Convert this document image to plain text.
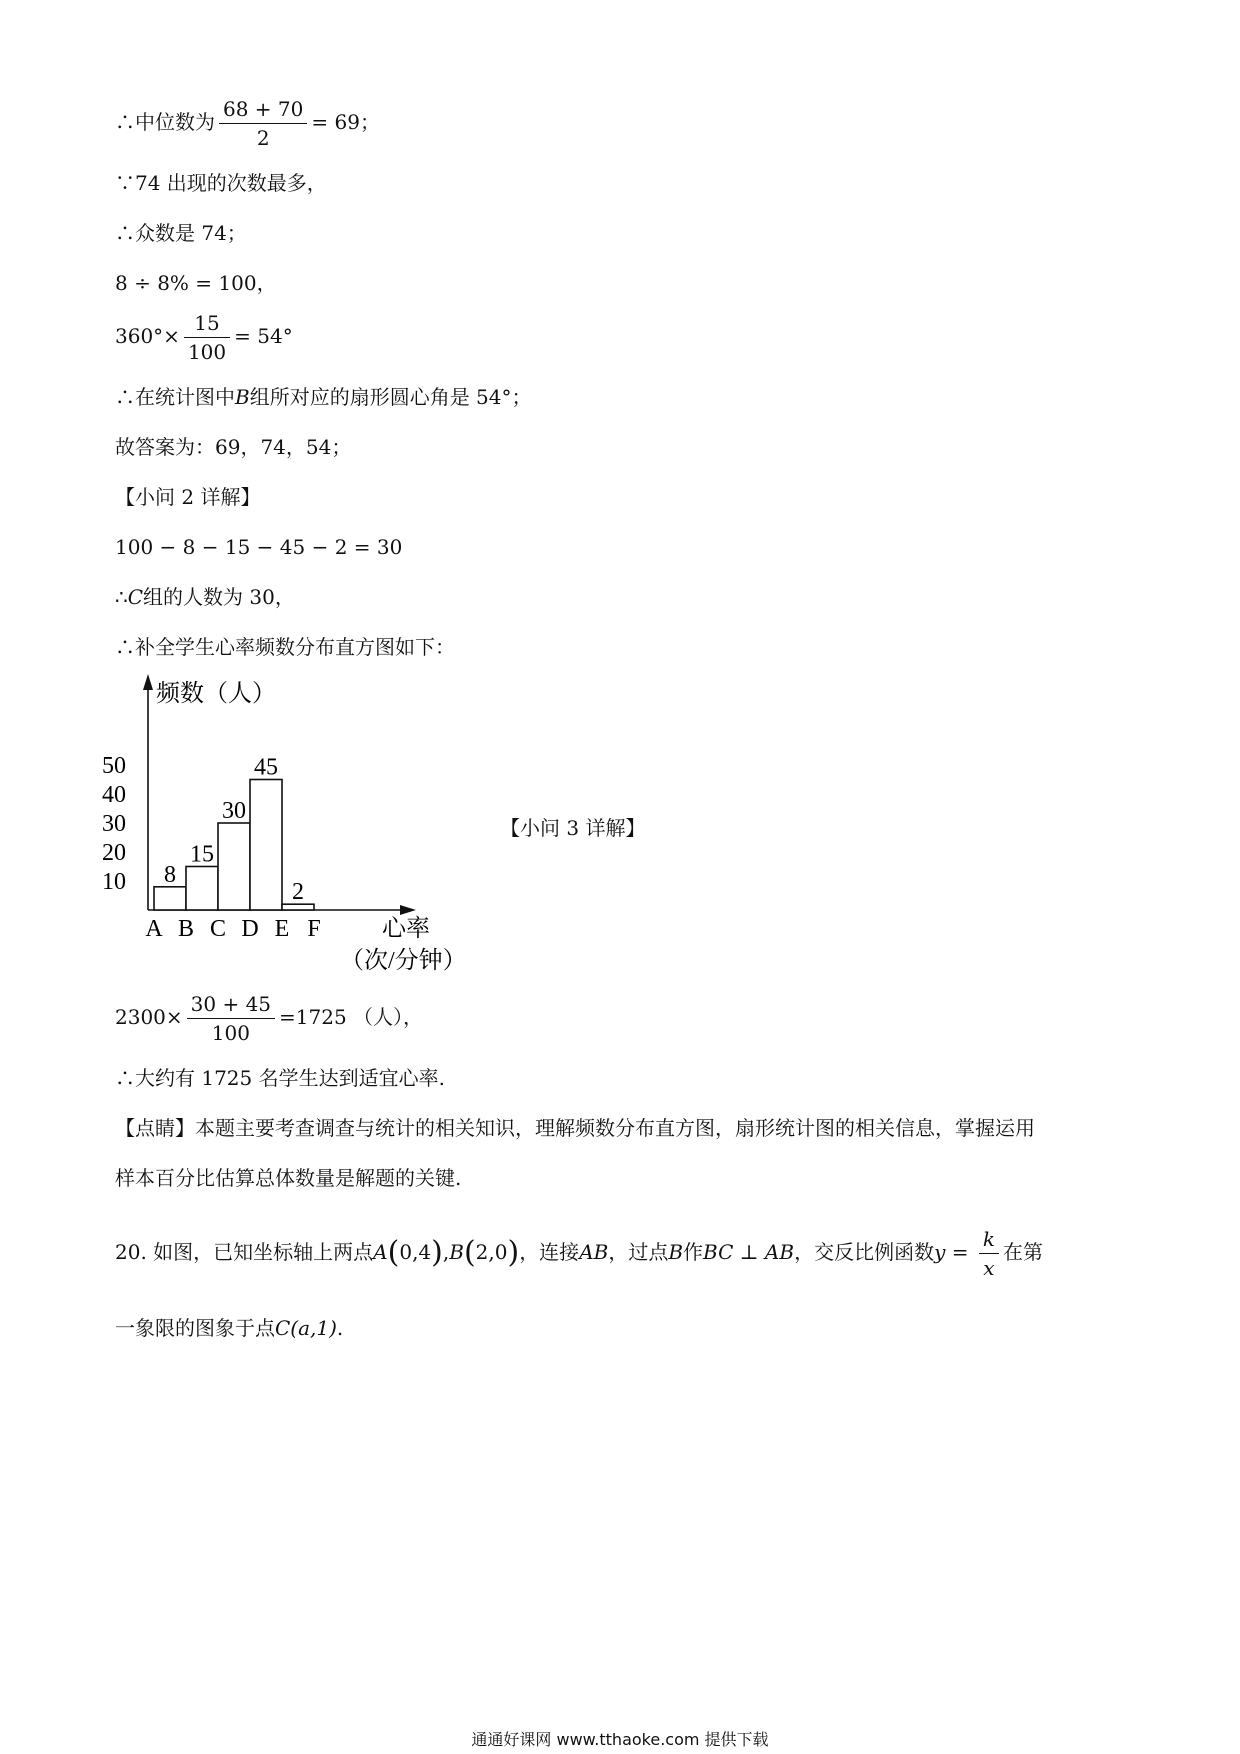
∴中位数为 $\frac{68 + 70}{2} = 69$；
∵74 出现的次数最多，
∴众数是 74；
8 ÷ 8% = 100，
$360^\circ\times \frac{15}{100} = 54^\circ$
∴在统计图中B组所对应的扇形圆心角是 54°；
故答案为：69，74，54；
【小问 2 详解】
100 − 8 − 15 − 45 − 2 = 30
∴C组的人数为 30，
∴补全学生心率频数分布直方图如下：
频数（人）
心率
（次/分钟）
10
20
30
40
50
8
15
30
45
2
A B C D E F
【小问 3 详解】
$2300\times \frac{30 + 45}{100} =1725$ （人），
∴大约有 1725 名学生达到适宜心率.
【点睛】本题主要考查调查与统计的相关知识，理解频数分布直方图，扇形统计图的相关信息，掌握运用
样本百分比估算总体数量是解题的关键.
20. 如图，已知坐标轴上两点A(0,4),B(2,0)，连接AB，过点B作BC ⊥ AB，交反比例函数$y = \frac{k}{x}$ 在第
一象限的图象于点C(a,1).
通通好课网 www.tthaoke.com 提供下载
